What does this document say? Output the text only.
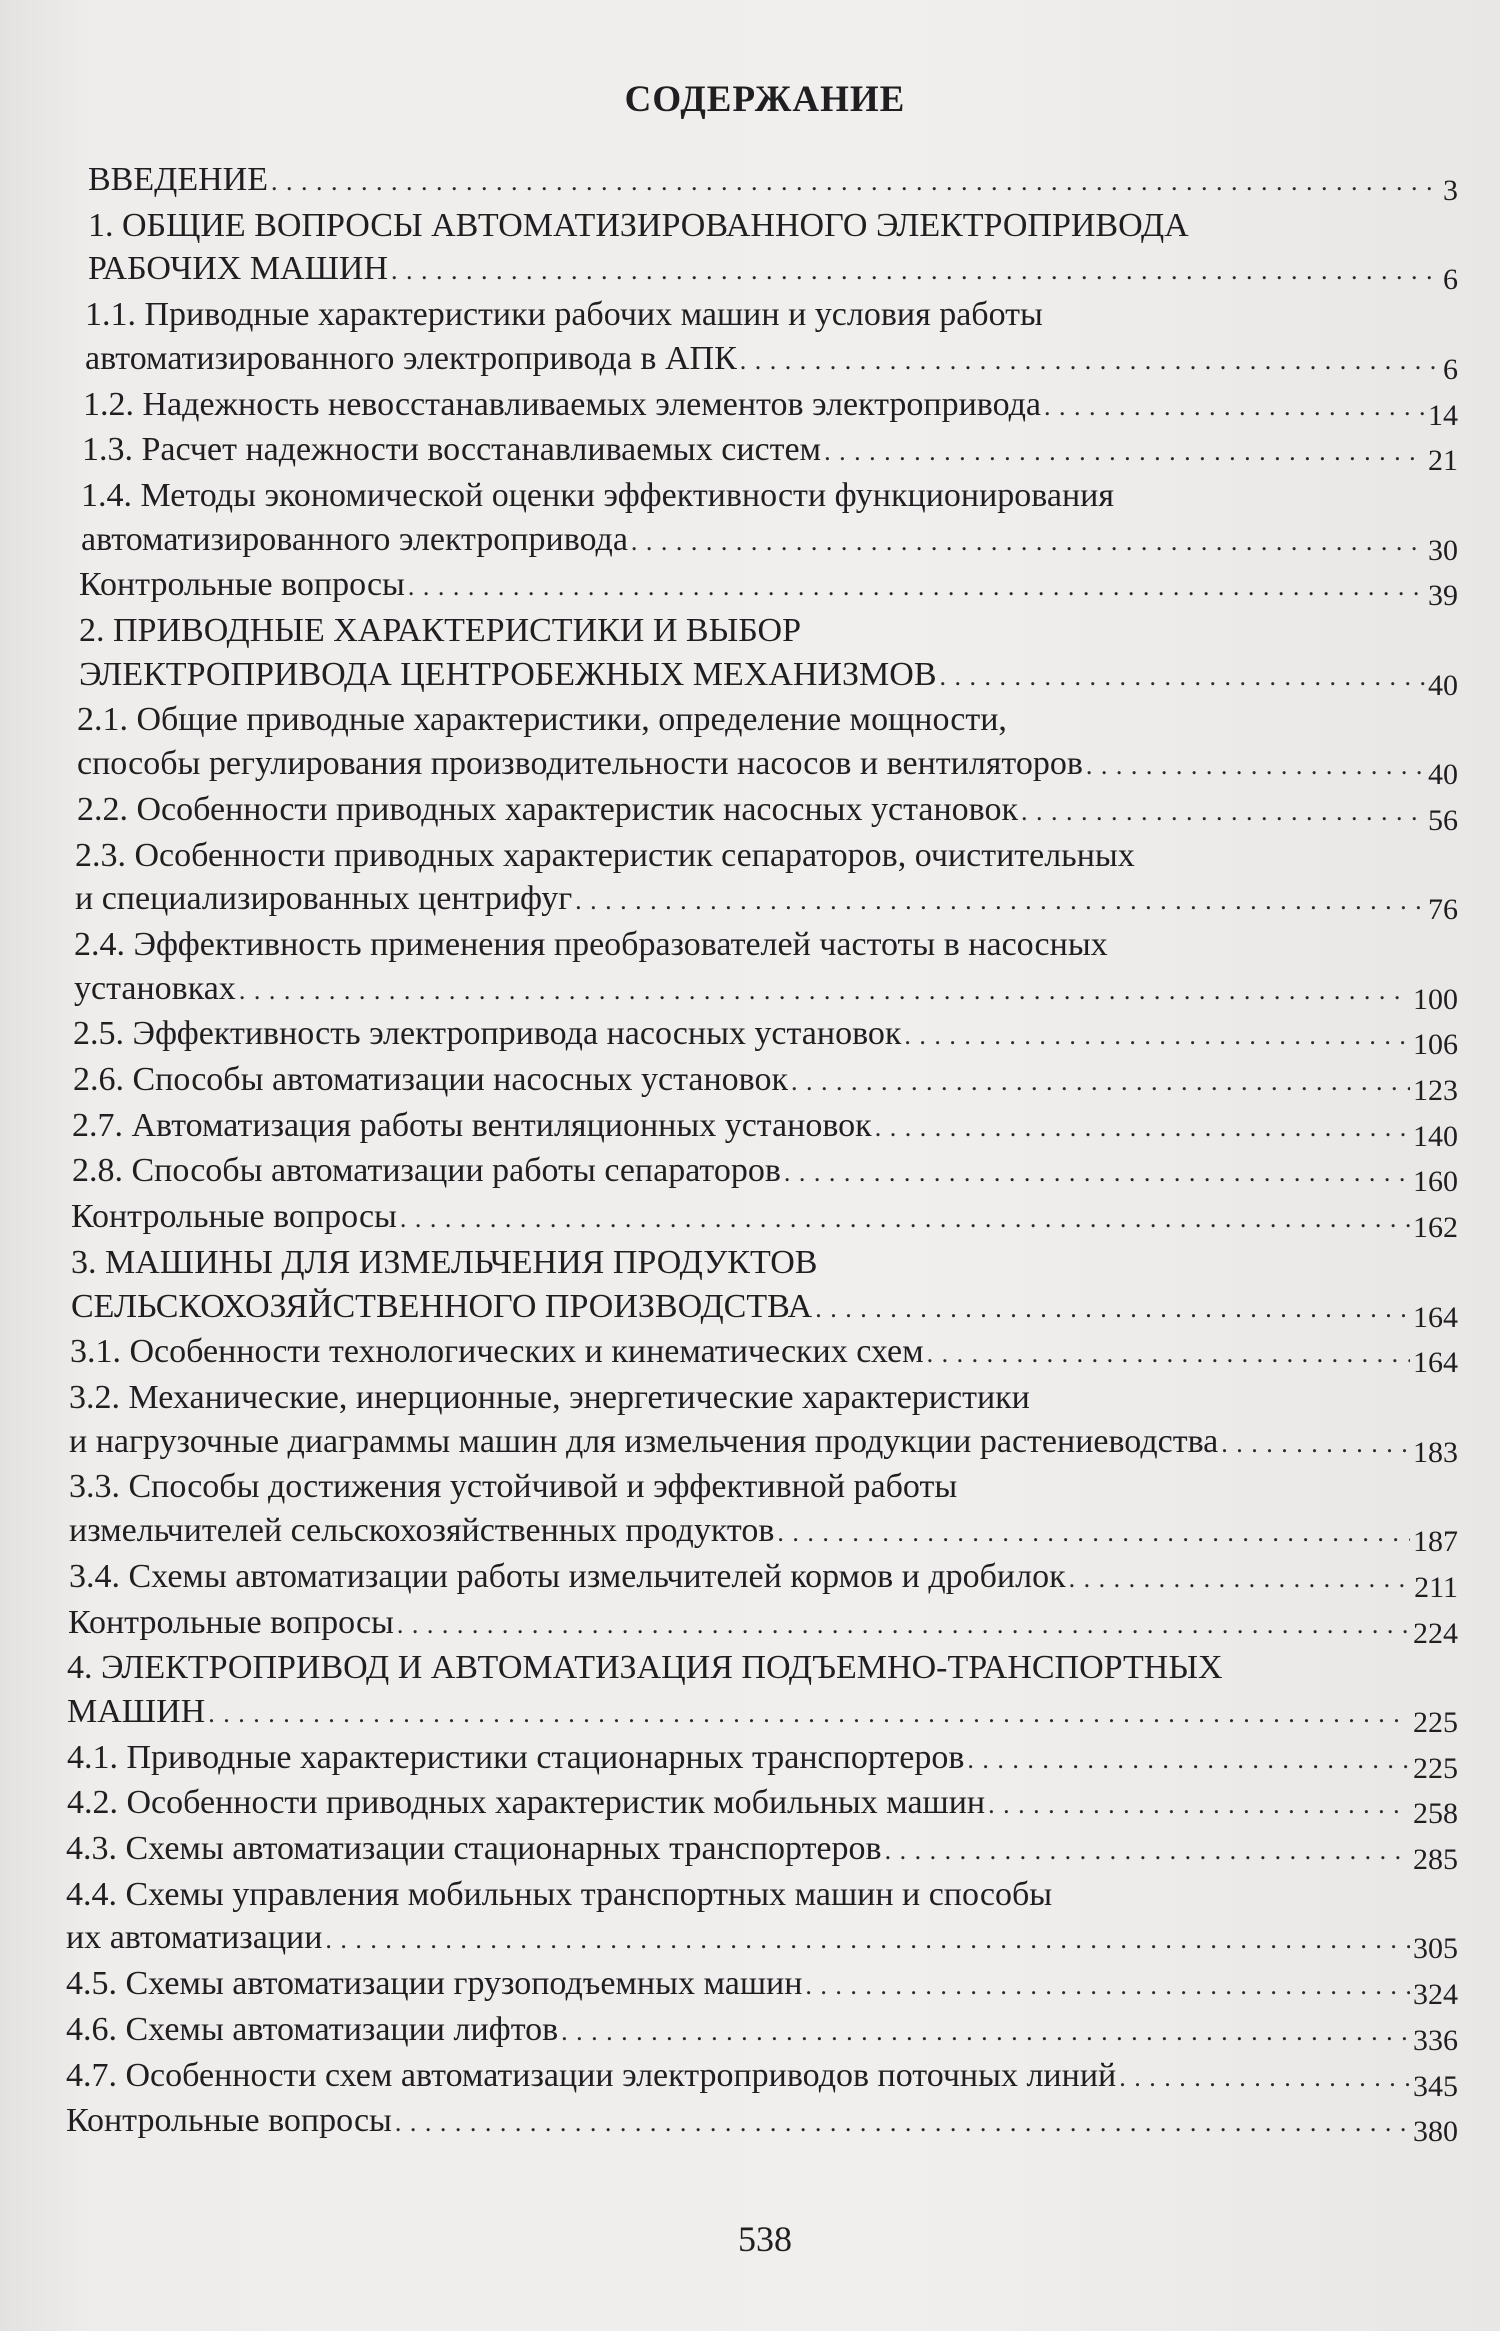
СОДЕРЖАНИЕ
ВВЕДЕНИЕ . . .	3
1. ОБЩИЕ ВОПРОСЫ АВТОМАТИЗИРОВАННОГО ЭЛЕКТРОПРИВОДА
РАБОЧИХ МАШИН . . .	6
1.1. Приводные характеристики рабочих машин и условия работы
автоматизированного электропривода в АПК . . .	6
1.2. Надежность невосстанавливаемых элементов электропривода . . .	14
1.3. Расчет надежности восстанавливаемых систем . . .	21
1.4. Методы экономической оценки эффективности функционирования
автоматизированного электропривода . . .	30
Контрольные вопросы . . .	39
2. ПРИВОДНЫЕ ХАРАКТЕРИСТИКИ И ВЫБОР
ЭЛЕКТРОПРИВОДА ЦЕНТРОБЕЖНЫХ МЕХАНИЗМОВ . . .	40
2.1. Общие приводные характеристики, определение мощности,
способы регулирования производительности насосов и вентиляторов . . .	40
2.2. Особенности приводных характеристик насосных установок . . .	56
2.3. Особенности приводных характеристик сепараторов, очистительных
и специализированных центрифуг . . .	76
2.4. Эффективность применения преобразователей частоты в насосных
установках . . .	100
2.5. Эффективность электропривода насосных установок . . .	106
2.6. Способы автоматизации насосных установок . . .	123
2.7. Автоматизация работы вентиляционных установок . . .	140
2.8. Способы автоматизации работы сепараторов . . .	160
Контрольные вопросы . . .	162
3. МАШИНЫ ДЛЯ ИЗМЕЛЬЧЕНИЯ ПРОДУКТОВ
СЕЛЬСКОХОЗЯЙСТВЕННОГО ПРОИЗВОДСТВА . . .	164
3.1. Особенности технологических и кинематических схем . . .	164
3.2. Механические, инерционные, энергетические характеристики
и нагрузочные диаграммы машин для измельчения продукции растениеводства . . .	183
3.3. Способы достижения устойчивой и эффективной работы
измельчителей сельскохозяйственных продуктов . . .	187
3.4. Схемы автоматизации работы измельчителей кормов и дробилок . . .	211
Контрольные вопросы . . .	224
4. ЭЛЕКТРОПРИВОД И АВТОМАТИЗАЦИЯ ПОДЪЕМНО-ТРАНСПОРТНЫХ
МАШИН . . .	225
4.1. Приводные характеристики стационарных транспортеров . . .	225
4.2. Особенности приводных характеристик мобильных машин . . .	258
4.3. Схемы автоматизации стационарных транспортеров . . .	285
4.4. Схемы управления мобильных транспортных машин и способы
их автоматизации . . .	305
4.5. Схемы автоматизации грузоподъемных машин . . .	324
4.6. Схемы автоматизации лифтов . . .	336
4.7. Особенности схем автоматизации электроприводов поточных линий . . .	345
Контрольные вопросы . . .	380
538
